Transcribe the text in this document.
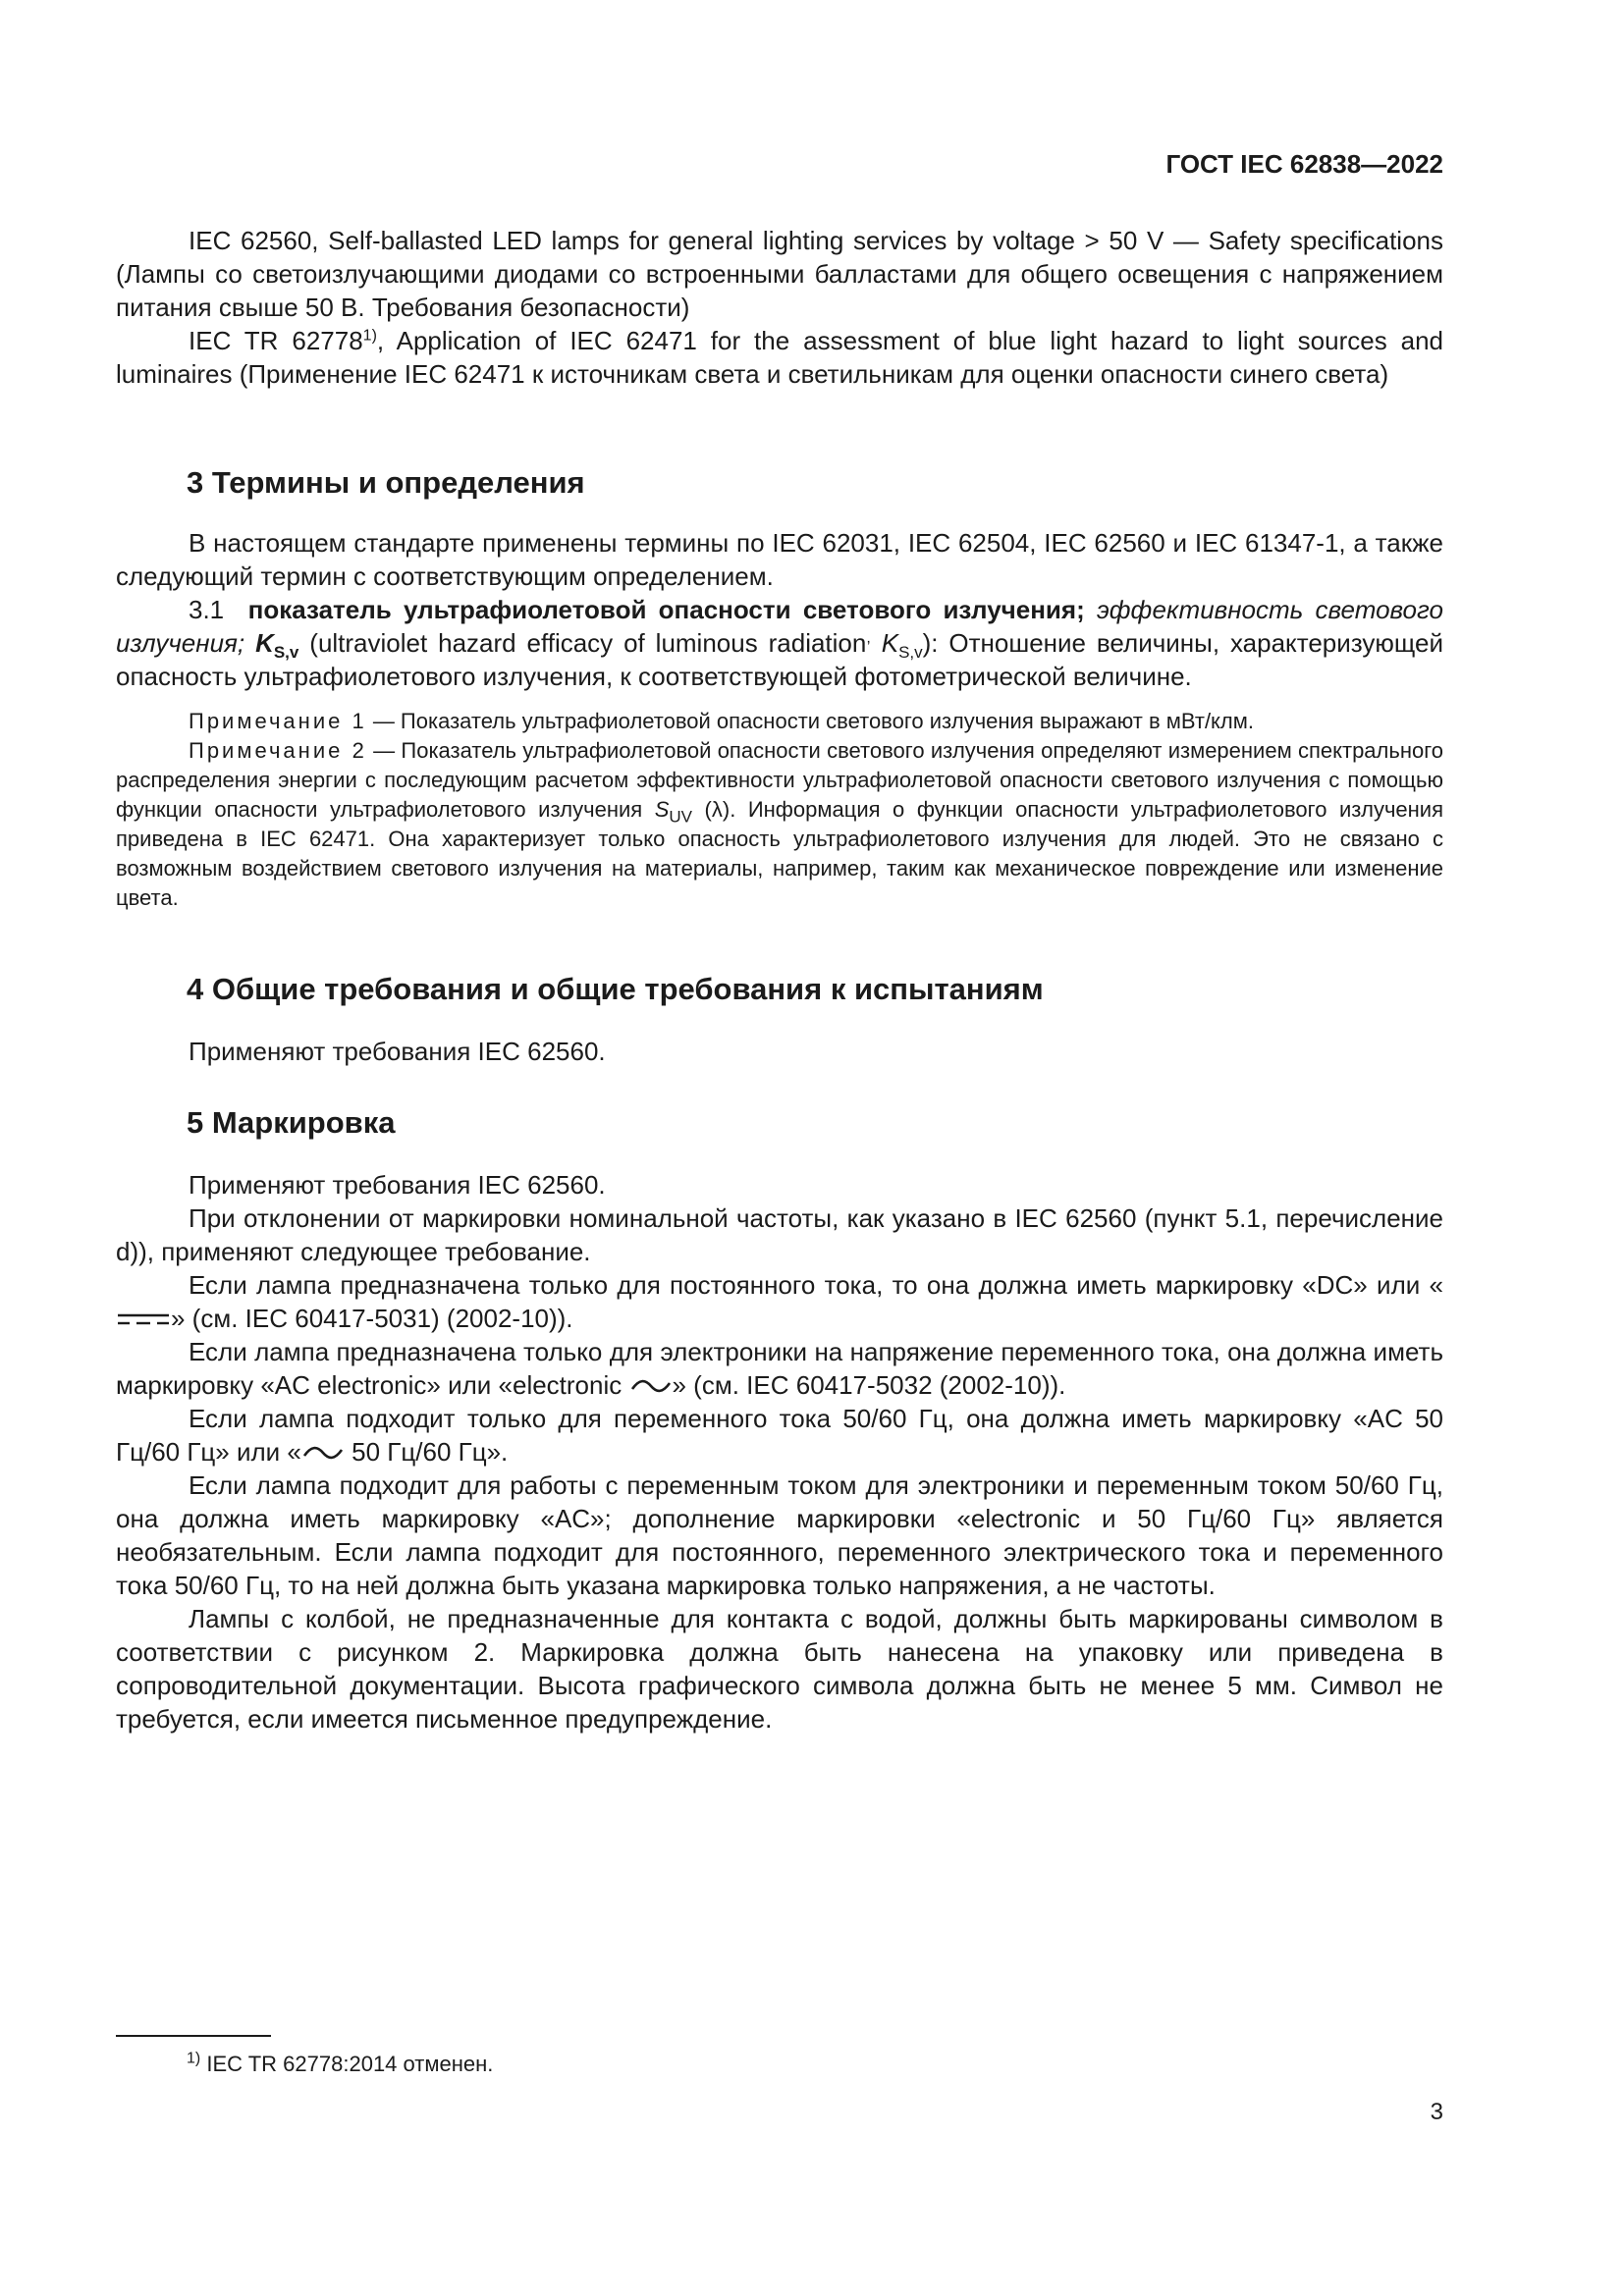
ГОСТ IEC 62838—2022

IEC 62560, Self-ballasted LED lamps for general lighting services by voltage > 50 V — Safety specifications (Лампы со светоизлучающими диодами со встроенными балластами для общего освещения с напряжением питания свыше 50 В. Требования безопасности)

IEC TR 62778$^{1)}$, Application of IEC 62471 for the assessment of blue light hazard to light sources and luminaires (Применение IEC 62471 к источникам света и светильникам для оценки опасности синего света)

3 Термины и определения

В настоящем стандарте применены термины по IEC 62031, IEC 62504, IEC 62560 и IEC 61347-1, а также следующий термин с соответствующим определением.

3.1 показатель ультрафиолетовой опасности светового излучения; эффективность светового излучения; $K_{S,v}$ (ultraviolet hazard efficacy of luminous radiation, $K_{S,v}$): Отношение величины, характеризующей опасность ультрафиолетового излучения, к соответствующей фотометрической величине.

Примечание 1 — Показатель ультрафиолетовой опасности светового излучения выражают в мВт/клм.

Примечание 2 — Показатель ультрафиолетовой опасности светового излучения определяют измерением спектрального распределения энергии с последующим расчетом эффективности ультрафиолетовой опасности светового излучения с помощью функции опасности ультрафиолетового излучения $S_{UV}$ (λ). Информация о функции опасности ультрафиолетового излучения приведена в IEC 62471. Она характеризует только опасность ультрафиолетового излучения для людей. Это не связано с возможным воздействием светового излучения на материалы, например, таким как механическое повреждение или изменение цвета.

4 Общие требования и общие требования к испытаниям

Применяют требования IEC 62560.

5 Маркировка

Применяют требования IEC 62560.

При отклонении от маркировки номинальной частоты, как указано в IEC 62560 (пункт 5.1, перечисление d)), применяют следующее требование.

Если лампа предназначена только для постоянного тока, то она должна иметь маркировку «DC» или «» (см. IEC 60417-5031) (2002-10)).

Если лампа предназначена только для электроники на напряжение переменного тока, она должна иметь маркировку «AC electronic» или «electronic » (см. IEC 60417-5032 (2002-10)).

Если лампа подходит только для переменного тока 50/60 Гц, она должна иметь маркировку «AC 50 Гц/60 Гц» или « 50 Гц/60 Гц».

Если лампа подходит для работы с переменным током для электроники и переменным током 50/60 Гц, она должна иметь маркировку «AC»; дополнение маркировки «electronic и 50 Гц/60 Гц» является необязательным. Если лампа подходит для постоянного, переменного электрического тока и переменного тока 50/60 Гц, то на ней должна быть указана маркировка только напряжения, а не частоты.

Лампы с колбой, не предназначенные для контакта с водой, должны быть маркированы символом в соответствии с рисунком 2. Маркировка должна быть нанесена на упаковку или приведена в сопроводительной документации. Высота графического символа должна быть не менее 5 мм. Символ не требуется, если имеется письменное предупреждение.

$^{1)}$ IEC TR 62778:2014 отменен.
3
